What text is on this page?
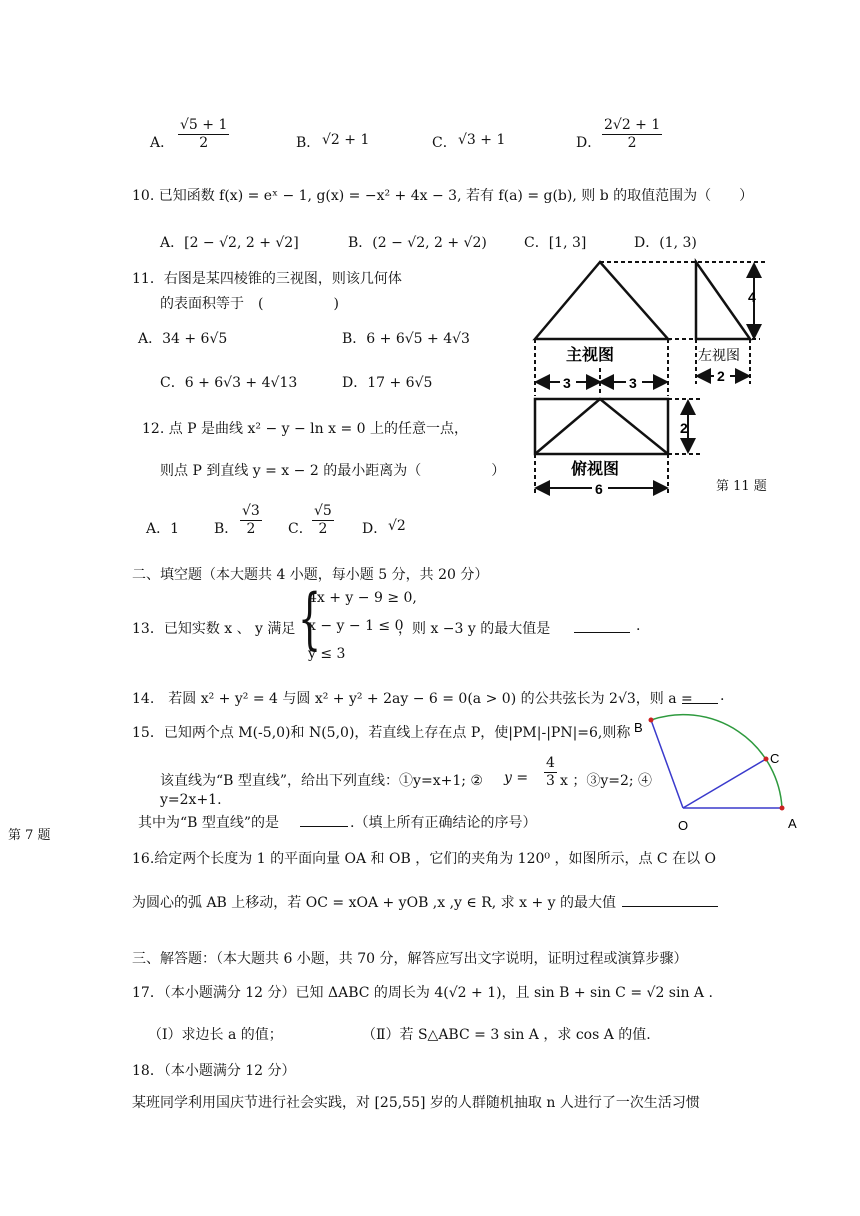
A． $\frac{√5 + 1}{2}$	B． √2 + 1	C． √3 + 1	D． $\frac{2√2 + 1}{2}$
10. 已知函数 f(x) = eˣ − 1, g(x) = −x² + 4x − 3, 若有 f(a) = g(b), 则 b 的取值范围为（　　）
A．[2 − √2, 2 + √2]	B．(2 − √2, 2 + √2)	C．[1, 3]	D．(1, 3)
11．右图是某四棱锥的三视图，则该几何体
的表面积等于　(　　　　　)
A．34 + 6√5	B．6 + 6√5 + 4√3
C．6 + 6√3 + 4√13	D．17 + 6√5
4
主视图	左视图
3	3	2
2
俯视图
6	第 11 题
12. 点 P 是曲线 x² − y − ln x = 0 上的任意一点，
则点 P 到直线 y = x − 2 的最小距离为（　　　　　）
A．1 B． $\frac{√3}{2}$ C． $\frac{√5}{2}$ D． √2
二、填空题（本大题共 4 小题，每小题 5 分，共 20 分）
13．已知实数 x 、 y 满足 {
4x + y − 9 ≥ 0,
x − y − 1 ≤ 0
y ≤ 3
，则 x −3 y 的最大值是	.
14.　若圆 x² + y² = 4 与圆 x² + y² + 2ay − 6 = 0(a > 0) 的公共弦长为 2√3，则 a = .
15．已知两个点 M(-5,0)和 N(5,0)，若直线上存在点 P，使|PM|-|PN|=6,则称
该直线为“B 型直线”，给出下列直线：①y=x+1; ② $y = \frac{4}{3}$ x ；③y=2; ④
y=2x+1.
其中为“B 型直线”的是	.（填上所有正确结论的序号）
第 7 题
B
C
O	A
16.给定两个长度为 1 的平面向量 OA 和 OB ，它们的夹角为 120⁰ ，如图所示，点 C 在以 O
为圆心的弧 AB 上移动，若 OC = xOA + yOB ,x ,y ∈ R, 求 x + y 的最大值
三、解答题：（本大题共 6 小题，共 70 分，解答应写出文字说明，证明过程或演算步骤）
17．（本小题满分 12 分）已知 ΔABC 的周长为 4(√2 + 1)，且 sin B + sin C = √2 sin A .
（Ⅰ）求边长 a 的值；	（Ⅱ）若 S△ABC = 3 sin A ，求 cos A 的值.
18．（本小题满分 12 分）
某班同学利用国庆节进行社会实践，对 [25,55] 岁的人群随机抽取 n 人进行了一次生活习惯
